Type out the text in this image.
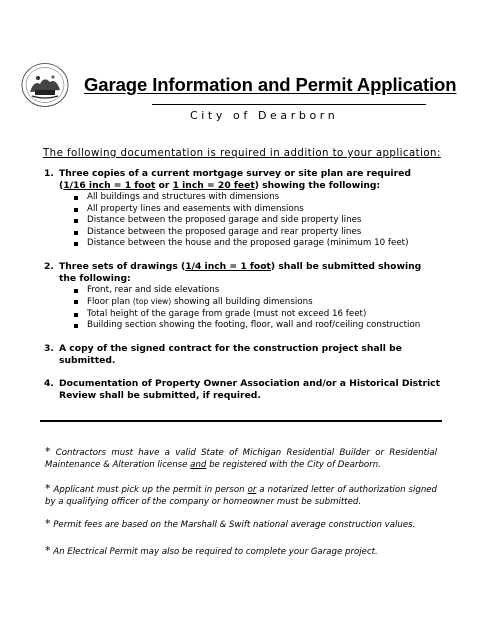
Garage Information and Permit Application
City of Dearborn
The following documentation is required in addition to your application:
1. Three copies of a current mortgage survey or site plan are required
(1/16 inch = 1 foot or 1 inch = 20 feet) showing the following:
All buildings and structures with dimensions
All property lines and easements with dimensions
Distance between the proposed garage and side property lines
Distance between the proposed garage and rear property lines
Distance between the house and the proposed garage (minimum 10 feet)
2. Three sets of drawings (1/4 inch = 1 foot) shall be submitted showing the following:
Front, rear and side elevations
Floor plan (top view) showing all building dimensions
Total height of the garage from grade (must not exceed 16 feet)
Building section showing the footing, floor, wall and roof/ceiling construction
3. A copy of the signed contract for the construction project shall be submitted.
4. Documentation of Property Owner Association and/or a Historical District Review shall be submitted, if required.
* Contractors must have a valid State of Michigan Residential Builder or Residential Maintenance & Alteration license and be registered with the City of Dearborn.
* Applicant must pick up the permit in person or a notarized letter of authorization signed by a qualifying officer of the company or homeowner must be submitted.
* Permit fees are based on the Marshall & Swift national average construction values.
* An Electrical Permit may also be required to complete your Garage project.
